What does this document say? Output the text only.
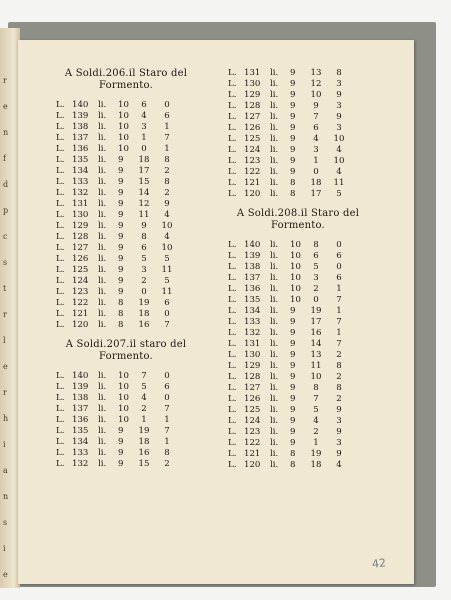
r
e
n
f
d
p
c
s
t
r
l
e
r
h
i
a
n
s
i
e
A Soldi.206.il Staro del
Formento.
L. 140 li. 10	6	0
L. 139 li. 10	4	6
L. 138 li. 10	3	1
L. 137 li. 10	1	7
L. 136 li. 10	0	1
L. 135 li. 9	18	8
L. 134 li. 9	17	2
L. 133 li. 9	15	8
L. 132 li. 9	14	2
L. 131 li. 9	12	9
L. 130 li. 9	11	4
L. 129 li. 9	9	10
L. 128 li. 9	8	4
L. 127 li. 9	6	10
L. 126 li. 9	5	5
L. 125 li. 9	3	11
L. 124 li. 9	2	5
L. 123 li. 9	0	11
L. 122 li. 8	19	6
L. 121 li. 8	18	0
L. 120 li. 8	16	7
A Soldi.207.il staro del
Formento.
L. 140 li. 10	7	0
L. 139 li. 10	5	6
L. 138 li. 10	4	0
L. 137 li. 10	2	7
L. 136 li. 10	1	1
L. 135 li. 9	19	7
L. 134 li. 9	18	1
L. 133 li. 9	16	8
L. 132 li. 9	15	2
L. 131 li. 9	13	8
L. 130 li. 9	12	3
L. 129 li. 9	10	9
L. 128 li. 9	9	3
L. 127 li. 9	7	9
L. 126 li. 9	6	3
L. 125 li. 9	4	10
L. 124 li. 9	3	4
L. 123 li. 9	1	10
L. 122 li. 9	0	4
L. 121 li. 8	18	11
L. 120 li. 8	17	5
A Soldi.208.il Staro del
Formento.
L. 140 li. 10	8	0
L. 139 li. 10	6	6
L. 138 li. 10	5	0
L. 137 li. 10	3	6
L. 136 li. 10	2	1
L. 135 li. 10	0	7
L. 134 li. 9	19	1
L. 133 li. 9	17	7
L. 132 li. 9	16	1
L. 131 li. 9	14	7
L. 130 li. 9	13	2
L. 129 li. 9	11	8
L. 128 li. 9	10	2
L. 127 li. 9	8	8
L. 126 li. 9	7	2
L. 125 li. 9	5	9
L. 124 li. 9	4	3
L. 123 li. 9	2	9
L. 122 li. 9	1	3
L. 121 li. 8	19	9
L. 120 li. 8	18	4
42
